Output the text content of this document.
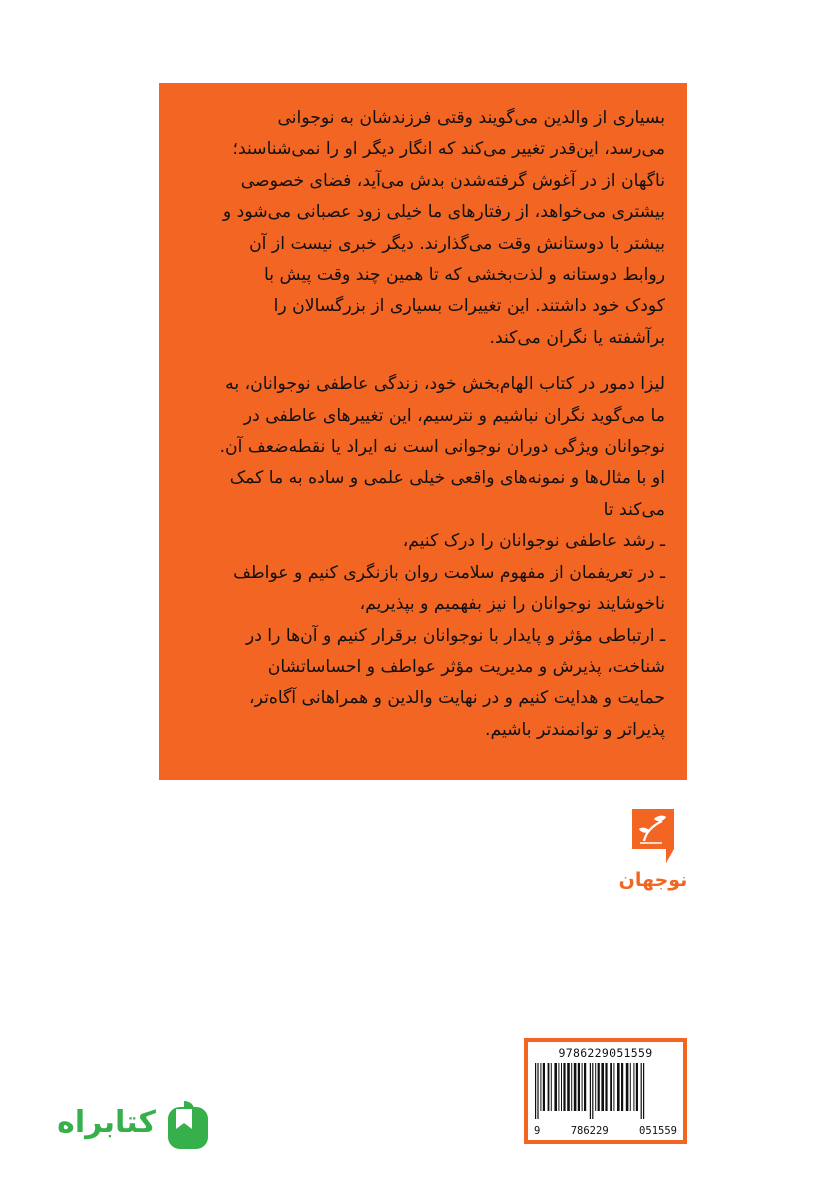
بسیاری از والدین می‌گویند وقتی فرزندشان به نوجوانی
می‌رسد، این‌قدر تغییر می‌کند که انگار دیگر او را نمی‌شناسند؛
ناگهان از در آغوش گرفته‌شدن بدش می‌آید، فضای خصوصی
بیشتری می‌خواهد، از رفتارهای ما خیلی زود عصبانی می‌شود و
بیشتر با دوستانش وقت می‌گذارند. دیگر خبری نیست از آن
روابط دوستانه و لذت‌بخشی که تا همین چند وقت پیش با
کودک خود داشتند. این تغییرات بسیاری از بزرگسالان را
برآشفته یا نگران می‌کند.

لیزا دمور در کتاب الهام‌بخش خود، زندگی عاطفی نوجوانان، به
ما می‌گوید نگران نباشیم و نترسیم، این تغییرهای عاطفی در
نوجوانان ویژگی دوران نوجوانی است نه ایراد یا نقطه‌ضعف آن.
او با مثال‌ها و نمونه‌های واقعی خیلی علمی و ساده به ما کمک
می‌کند تا
ـ رشد عاطفی نوجوانان را درک کنیم،
ـ در تعریفمان از مفهوم سلامت روان بازنگری کنیم و عواطف
ناخوشایند نوجوانان را نیز بفهمیم و بپذیریم،
ـ ارتباطی مؤثر و پایدار با نوجوانان برقرار کنیم و آن‌ها را در
شناخت، پذیرش و مدیریت مؤثر عواطف و احساساتشان
حمایت و هدایت کنیم و در نهایت والدین و همراهانی آگاه‌تر،
پذیراتر و توانمندتر باشیم.

نوجهان
9786229051559
9	786229	051559
کتابراه
